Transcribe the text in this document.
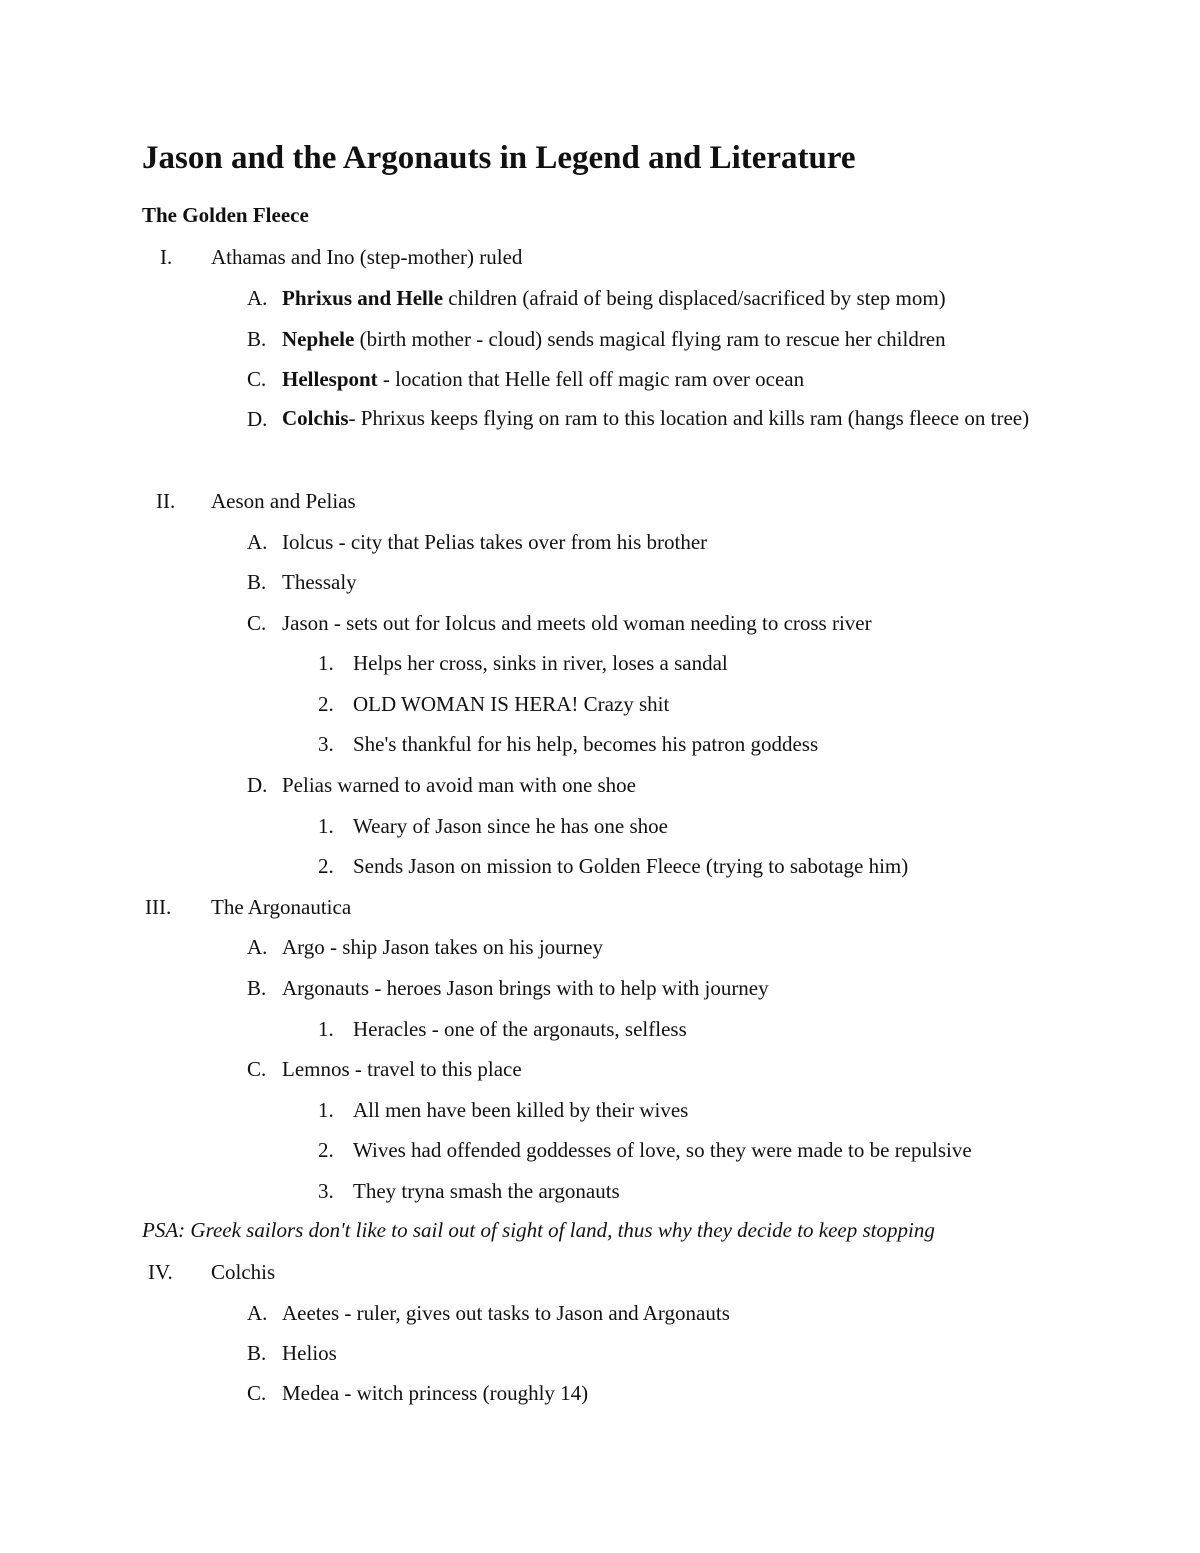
Jason and the Argonauts in Legend and Literature
The Golden Fleece
I. Athamas and Ino (step-mother) ruled
A. Phrixus and Helle children (afraid of being displaced/sacrificed by step mom)
B. Nephele (birth mother - cloud) sends magical flying ram to rescue her children
C. Hellespont - location that Helle fell off magic ram over ocean
D. Colchis- Phrixus keeps flying on ram to this location and kills ram (hangs fleece on tree)
II. Aeson and Pelias
A. Iolcus - city that Pelias takes over from his brother
B. Thessaly
C. Jason - sets out for Iolcus and meets old woman needing to cross river
1. Helps her cross, sinks in river, loses a sandal
2. OLD WOMAN IS HERA! Crazy shit
3. She's thankful for his help, becomes his patron goddess
D. Pelias warned to avoid man with one shoe
1. Weary of Jason since he has one shoe
2. Sends Jason on mission to Golden Fleece (trying to sabotage him)
III. The Argonautica
A. Argo - ship Jason takes on his journey
B. Argonauts - heroes Jason brings with to help with journey
1. Heracles - one of the argonauts, selfless
C. Lemnos - travel to this place
1. All men have been killed by their wives
2. Wives had offended goddesses of love, so they were made to be repulsive
3. They tryna smash the argonauts
PSA: Greek sailors don't like to sail out of sight of land, thus why they decide to keep stopping
IV. Colchis
A. Aeetes - ruler, gives out tasks to Jason and Argonauts
B. Helios
C. Medea - witch princess (roughly 14)
